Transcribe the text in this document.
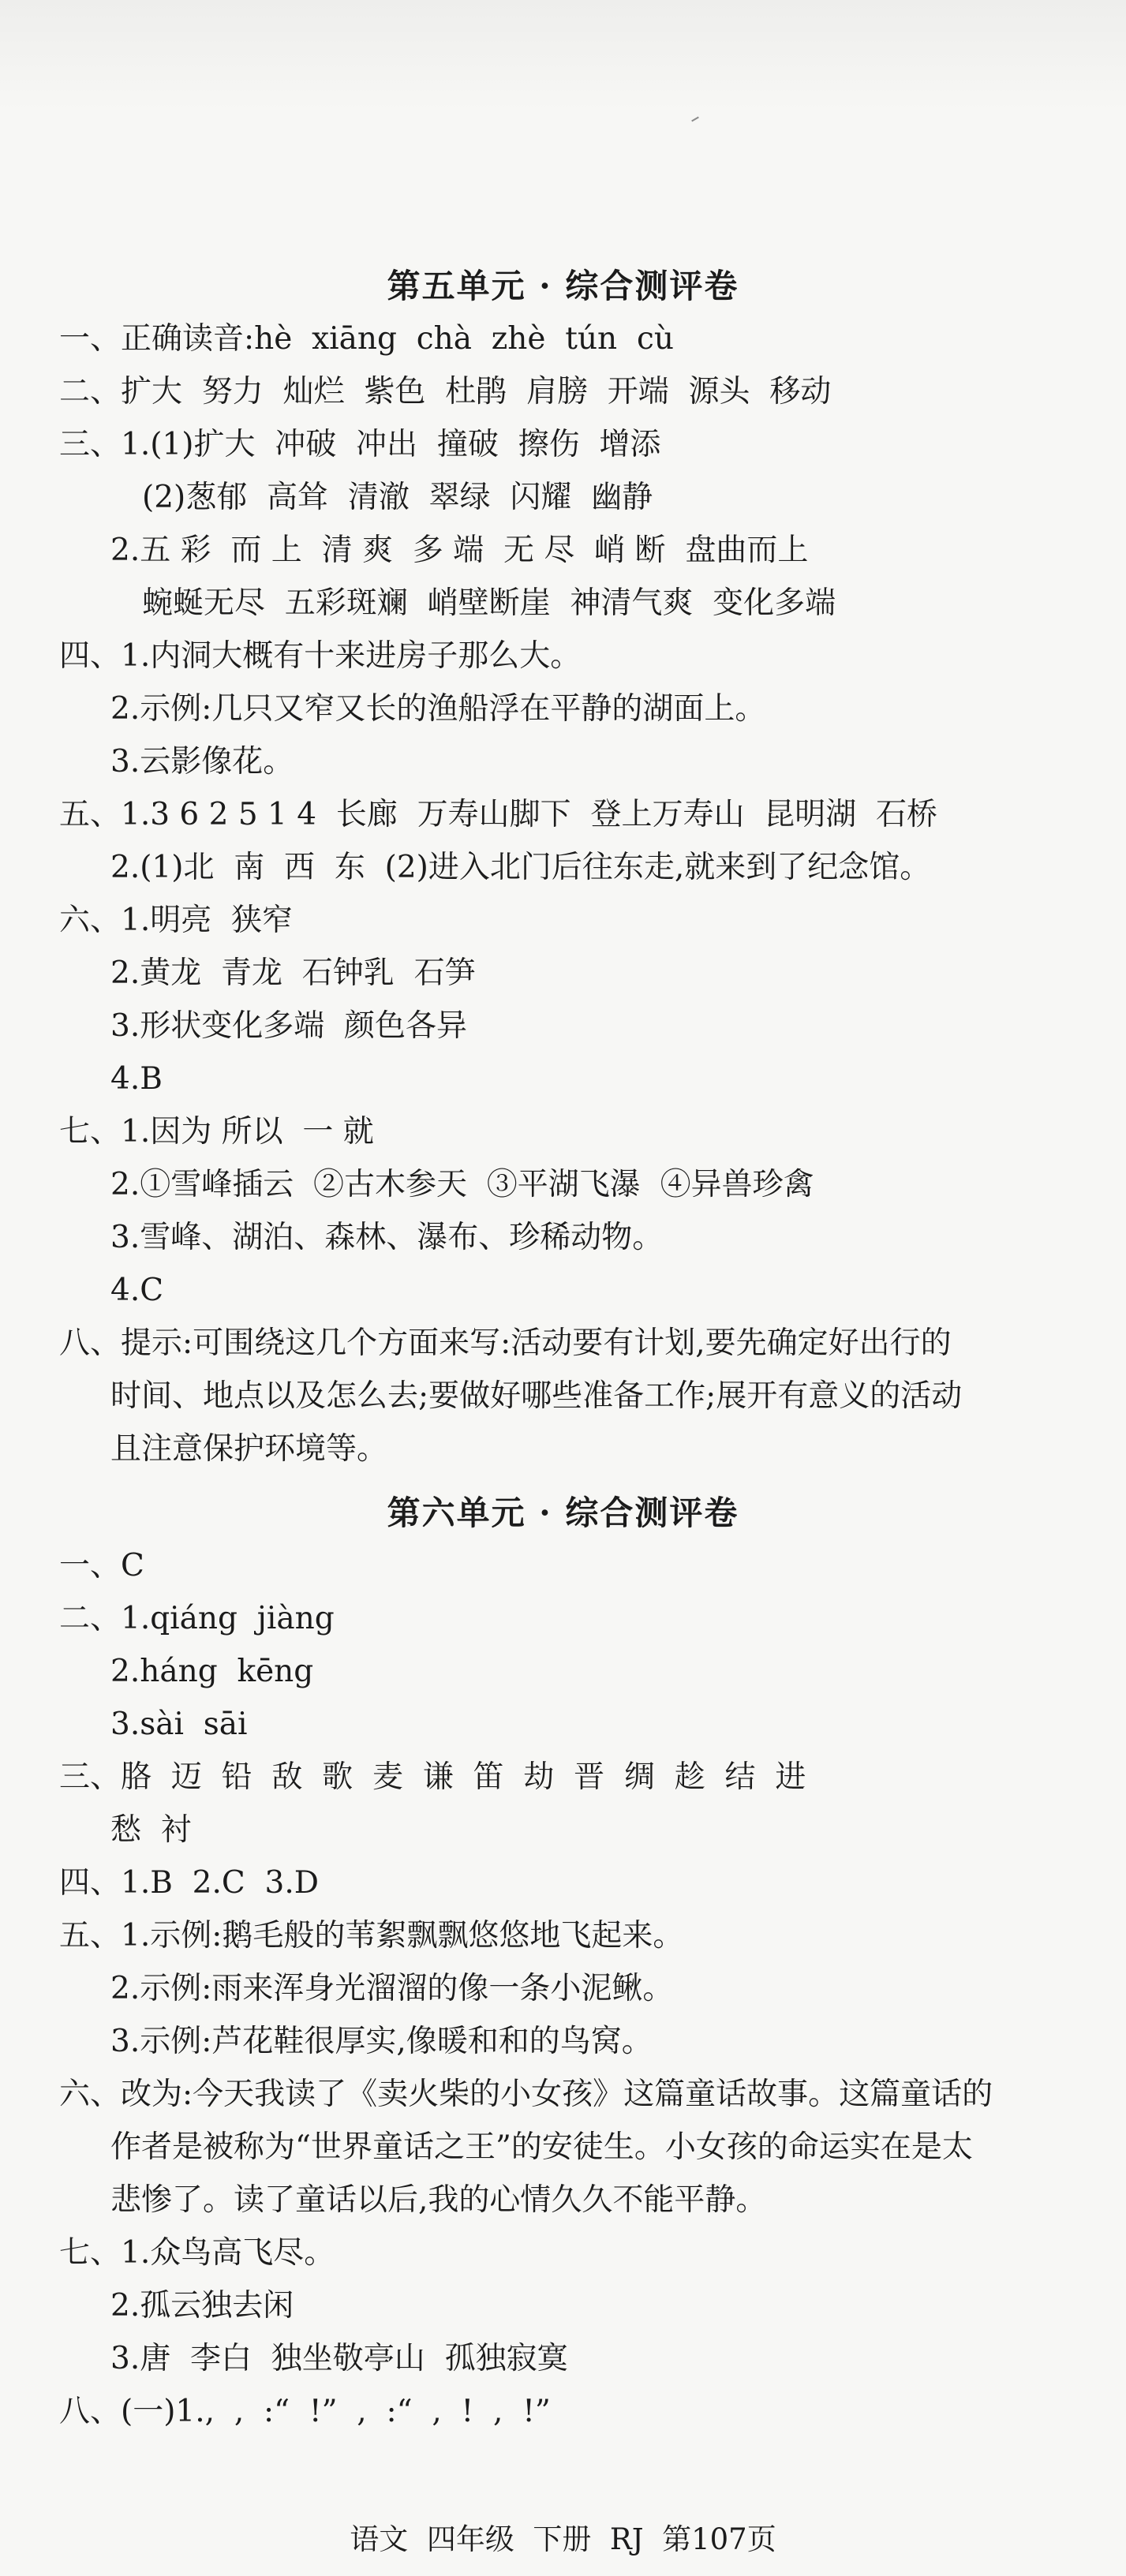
第五单元 · 综合测评卷
一、正确读音:hè  xiāng  chà  zhè  tún  cù
二、扩大  努力  灿烂  紫色  杜鹃  肩膀  开端  源头  移动
三、1.(1)扩大  冲破  冲出  撞破  擦伤  增添
(2)葱郁  高耸  清澈  翠绿  闪耀  幽静
2.五 彩  而 上  清 爽  多 端  无 尽  峭 断  盘曲而上
蜿蜒无尽  五彩斑斓  峭壁断崖  神清气爽  变化多端
四、1.内洞大概有十来进房子那么大。
2.示例:几只又窄又长的渔船浮在平静的湖面上。
3.云影像花。
五、1.3 6 2 5 1 4  长廊  万寿山脚下  登上万寿山  昆明湖  石桥
2.(1)北  南  西  东  (2)进入北门后往东走,就来到了纪念馆。
六、1.明亮  狭窄
2.黄龙  青龙  石钟乳  石笋
3.形状变化多端  颜色各异
4.B
七、1.因为 所以  一 就
2.①雪峰插云  ②古木参天  ③平湖飞瀑  ④异兽珍禽
3.雪峰、湖泊、森林、瀑布、珍稀动物。
4.C
八、提示:可围绕这几个方面来写:活动要有计划,要先确定好出行的
时间、地点以及怎么去;要做好哪些准备工作;展开有意义的活动
且注意保护环境等。
第六单元 · 综合测评卷
一、C
二、1.qiáng  jiàng
2.háng  kēng
3.sài  sāi
三、胳  迈  铅  敌  歌  麦  谦  笛  劫  晋  绸  趁  结  进
愁  衬
四、1.B  2.C  3.D
五、1.示例:鹅毛般的苇絮飘飘悠悠地飞起来。
2.示例:雨来浑身光溜溜的像一条小泥鳅。
3.示例:芦花鞋很厚实,像暖和和的鸟窝。
六、改为:今天我读了《卖火柴的小女孩》这篇童话故事。这篇童话的
作者是被称为“世界童话之王”的安徒生。小女孩的命运实在是太
悲惨了。读了童话以后,我的心情久久不能平静。
七、1.众鸟高飞尽。
2.孤云独去闲
3.唐  李白  独坐敬亭山  孤独寂寞
八、(一)1.,  ,  :“  !”  ,  :“  ,  !  ,  !”
语文  四年级  下册  RJ  第107页
